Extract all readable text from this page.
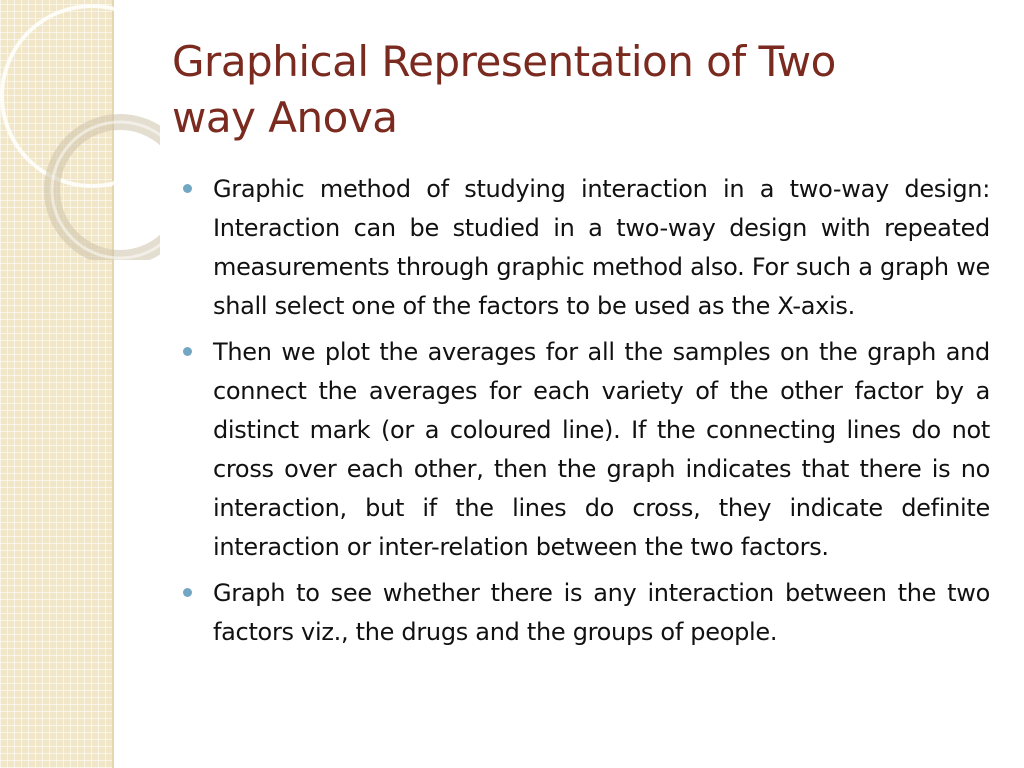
Graphical Representation of Two
way Anova
Graphic method of studying interaction in a two-way design: Interaction can be studied in a two-way design with repeated measurements through graphic method also. For such a graph we shall select one of the factors to be used as the X-axis.
Then we plot the averages for all the samples on the graph and connect the averages for each variety of the other factor by a distinct mark (or a coloured line). If the connecting lines do not cross over each other, then the graph indicates that there is no interaction, but if the lines do cross, they indicate definite interaction or inter-relation between the two factors.
Graph to see whether there is any interaction between the two factors viz., the drugs and the groups of people.
